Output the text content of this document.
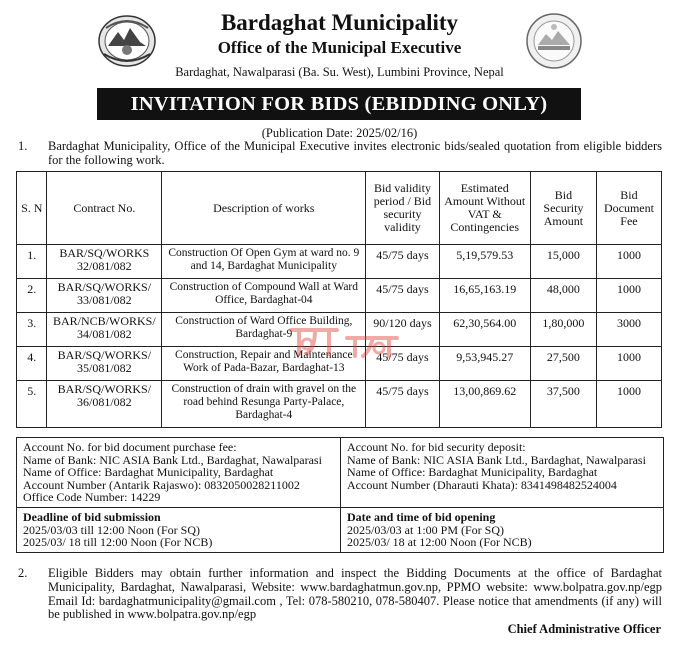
Bardaghat Municipality
Office of the Municipal Executive
Bardaghat, Nawalparasi (Ba. Su. West), Lumbini Province, Nepal
INVITATION FOR BIDS (EBIDDING ONLY)
(Publication Date: 2025/02/16)
1. Bardaghat Municipality, Office of the Municipal Executive invites electronic bids/sealed quotation from eligible bidders for the following work.
S. N	Contract No.	Description of works	Bid validity period / Bid security validity	Estimated Amount Without VAT & Contingencies	Bid Security Amount	Bid Document Fee
1.	BAR/SQ/WORKS 32/081/082	Construction Of Open Gym at ward no. 9 and 14, Bardaghat Municipality	45/75 days	5,19,579.53	15,000	1000
2.	BAR/SQ/WORKS/ 33/081/082	Construction of Compound Wall at Ward Office, Bardaghat-04	45/75 days	16,65,163.19	48,000	1000
3.	BAR/NCB/WORKS/ 34/081/082	Construction of Ward Office Building, Bardaghat-9	90/120 days	62,30,564.00	1,80,000	3000
4.	BAR/SQ/WORKS/ 35/081/082	Construction, Repair and Maintenance Work of Pada-Bazar, Bardaghat-13	45/75 days	9,53,945.27	27,500	1000
5.	BAR/SQ/WORKS/ 36/081/082	Construction of drain with gravel on the road behind Resunga Party-Palace, Bardaghat-4	45/75 days	13,00,869.62	37,500	1000
Account No. for bid document purchase fee:
Name of Bank: NIC ASIA Bank Ltd., Bardaghat, Nawalparasi
Name of Office: Bardaghat Municipality, Bardaghat
Account Number (Antarik Rajaswo): 0832050028211002
Office Code Number: 14229
Account No. for bid security deposit:
Name of Bank: NIC ASIA Bank Ltd., Bardaghat, Nawalparasi
Name of Office: Bardaghat Municipality, Bardaghat
Account Number (Dharauti Khata): 8341498482524004
Deadline of bid submission
2025/03/03 till 12:00 Noon (For SQ)
2025/03/ 18 till 12:00 Noon (For NCB)
Date and time of bid opening
2025/03/03 at 1:00 PM (For SQ)
2025/03/ 18 at 12:00 Noon (For NCB)
2. Eligible Bidders may obtain further information and inspect the Bidding Documents at the office of Bardaghat Municipality, Bardaghat, Nawalparasi, Website: www.bardaghatmun.gov.np, PPMO website: www.bolpatra.gov.np/egp Email Id: bardaghatmunicipality@gmail.com , Tel: 078-580210, 078-580407. Please notice that amendments (if any) will be published in www.bolpatra.gov.np/egp
Chief Administrative Officer
